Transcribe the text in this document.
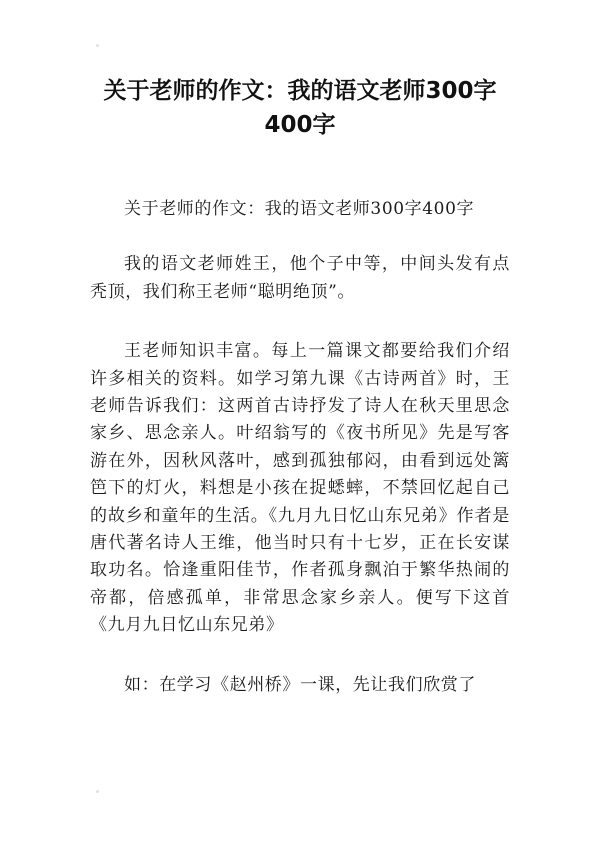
关于老师的作文：我的语文老师300字400字

关于老师的作文：我的语文老师300字400字

我的语文老师姓王，他个子中等，中间头发有点秃顶，我们称王老师“聪明绝顶”。

王老师知识丰富。每上一篇课文都要给我们介绍许多相关的资料。如学习第九课《古诗两首》时，王老师告诉我们：这两首古诗抒发了诗人在秋天里思念家乡、思念亲人。叶绍翁写的《夜书所见》先是写客游在外，因秋风落叶，感到孤独郁闷，由看到远处篱笆下的灯火，料想是小孩在捉蟋蟀，不禁回忆起自己的故乡和童年的生活。《九月九日忆山东兄弟》作者是唐代著名诗人王维，他当时只有十七岁，正在长安谋取功名。恰逢重阳佳节，作者孤身飘泊于繁华热闹的帝都，倍感孤单，非常思念家乡亲人。便写下这首《九月九日忆山东兄弟》

如：在学习《赵州桥》一课，先让我们欣赏了
